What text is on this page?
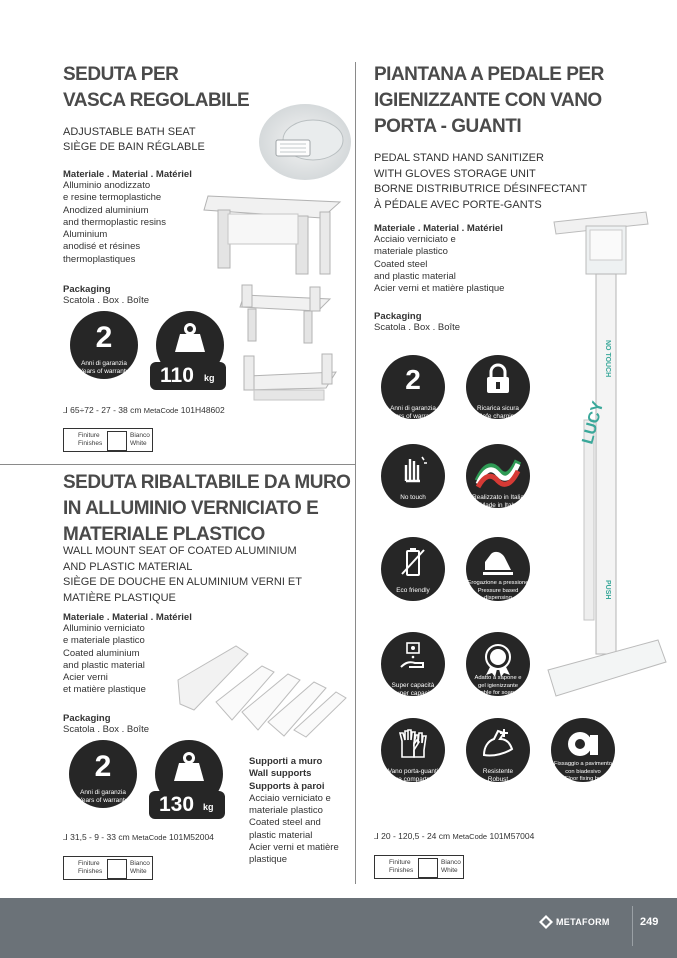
SEDUTA PER
VASCA REGOLABILE
ADJUSTABLE BATH SEAT
SIÈGE DE BAIN RÉGLABLE
Materiale . Material . Matériel
Alluminio anodizzato
e resine termoplastiche
Anodized aluminium
and thermoplastic resins
Aluminium
anodisé et résines
thermoplastiques
Packaging
Scatola . Box . Boîte
2
Anni di garanzia
Years of warranty	110 kg
⅃ 65÷72 - 27 - 38 cm MetaCode 101H48602
Finiture
Finishes
Bianco
White
SEDUTA RIBALTABILE DA MURO
IN ALLUMINIO VERNICIATO E
MATERIALE PLASTICO
WALL MOUNT SEAT OF COATED ALUMINIUM
AND PLASTIC MATERIAL
SIÈGE DE DOUCHE EN ALUMINIUM VERNI ET
MATIÈRE PLASTIQUE
Materiale . Material . Matériel
Alluminio verniciato
e materiale plastico
Coated aluminium
and plastic material
Acier verni
et matière plastique
Packaging
Scatola . Box . Boîte
2
Anni di garanzia
Years of warranty	130 kg
Supporti a muro
Wall supports
Supports à paroi
Acciaio verniciato e
materiale plastico
Coated steel and
plastic material
Acier verni et matière
plastique
⅃ 31,5 - 9 - 33 cm MetaCode 101M52004
Finiture
Finishes
Bianco
White
PIANTANA A PEDALE PER
IGIENIZZANTE CON VANO
PORTA - GUANTI
PEDAL STAND HAND SANITIZER
WITH GLOVES STORAGE UNIT
BORNE DISTRIBUTRICE DÉSINFECTANT
À PÉDALE AVEC PORTE-GANTS
Materiale . Material . Matériel
Acciaio verniciato e
materiale plastico
Coated steel
and plastic material
Acier verni et matière plastique
Packaging
Scatola . Box . Boîte
NO TOUCH
LUCY
PUSH
2
Anni di garanzia
Years of warranty
Ricarica sicura
Safe charging
No touch	Realizzato in Italia
Made in Italy
Eco friendly
Erogazione a pressione
Pressure based
dispensing
Super capacità
Super capacity
Adatto a sapone e
gel igienizzante
Suitable for soap and
sanitizing gel
Vano porta-guanti
Glove compartment
Resistente
Robust
Fissaggio a pavimento
con biadesivo
Floor fixing by
biadhesive
⅃ 20 - 120,5 - 24 cm MetaCode 101M57004
Finiture
Finishes
Bianco
White
METAFORM	249
